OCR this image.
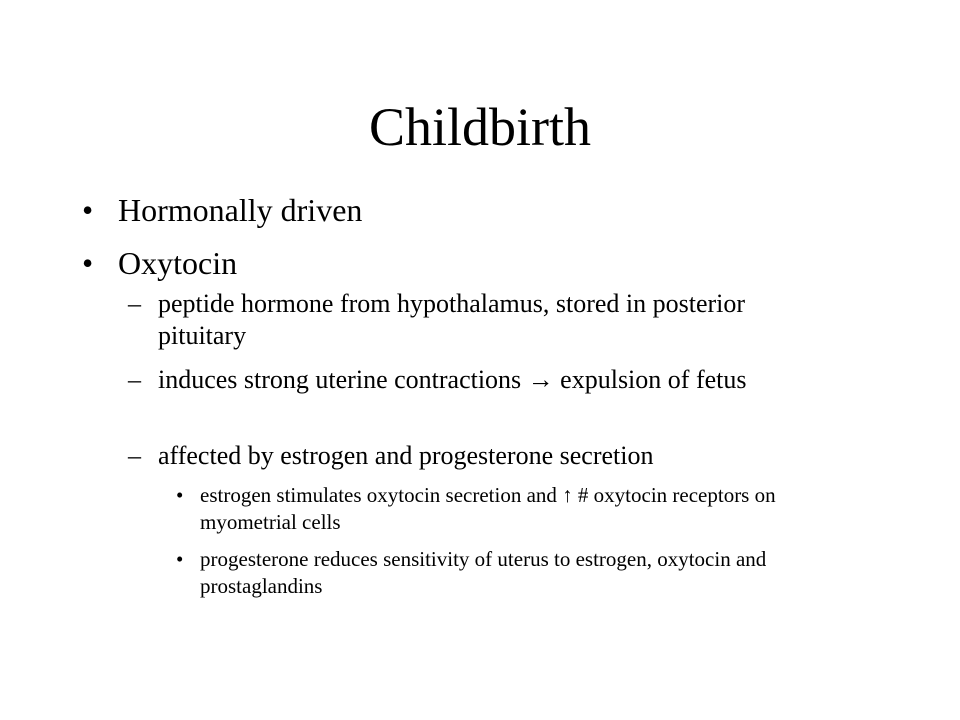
Childbirth
• Hormonally driven
• Oxytocin
– peptide hormone from hypothalamus, stored in posterior pituitary
– induces strong uterine contractions → expulsion of fetus
– affected by estrogen and progesterone secretion
• estrogen stimulates oxytocin secretion and ↑ # oxytocin receptors on myometrial cells
• progesterone reduces sensitivity of uterus to estrogen, oxytocin and prostaglandins
